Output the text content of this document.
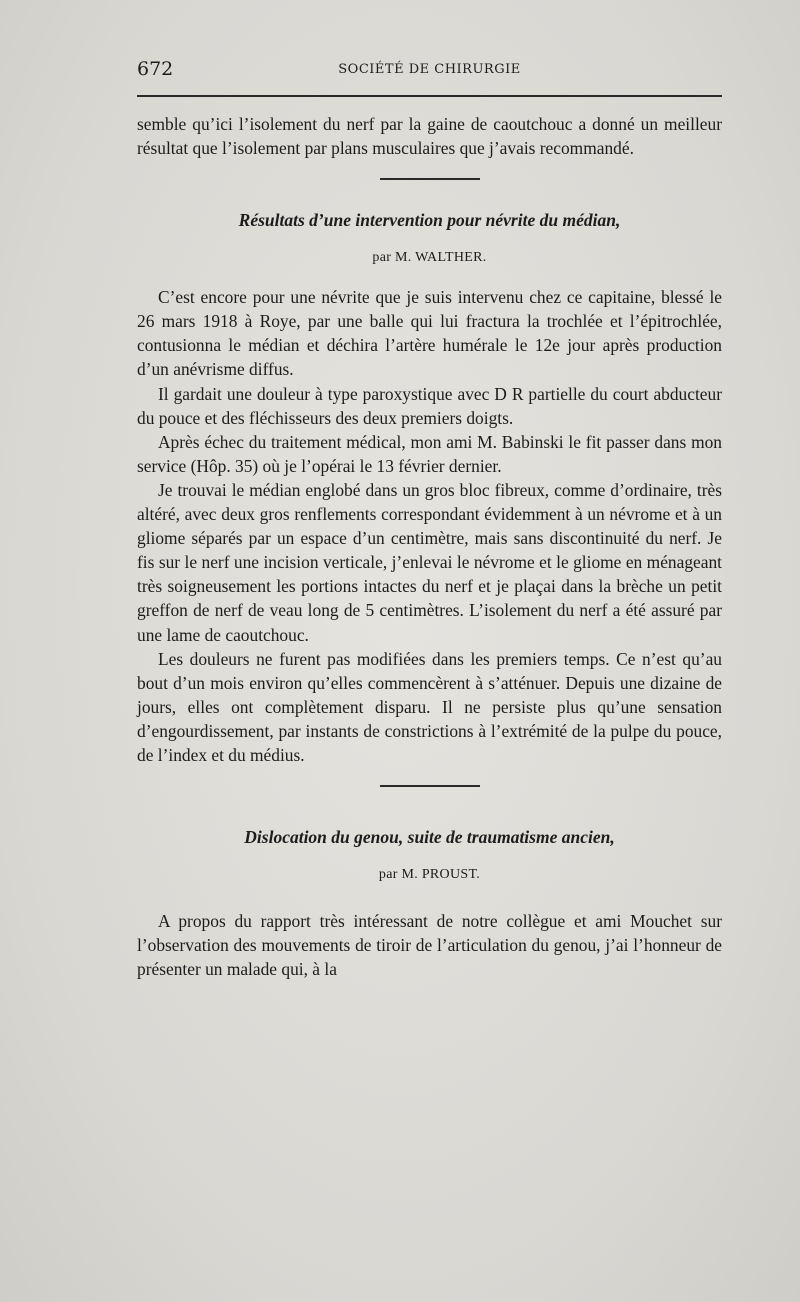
672	SOCIÉTÉ DE CHIRURGIE

semble qu’ici l’isolement du nerf par la gaine de caoutchouc a donné un meilleur résultat que l’isolement par plans musculaires que j’avais recommandé.

Résultats d’une intervention pour névrite du médian,
par M. WALTHER.

C’est encore pour une névrite que je suis intervenu chez ce capitaine, blessé le 26 mars 1918 à Roye, par une balle qui lui fractura la trochlée et l’épitrochlée, contusionna le médian et déchira l’artère humérale le 12e jour après production d’un anévrisme diffus.

Il gardait une douleur à type paroxystique avec D R partielle du court abducteur du pouce et des fléchisseurs des deux premiers doigts.

Après échec du traitement médical, mon ami M. Babinski le fit passer dans mon service (Hôp. 35) où je l’opérai le 13 février dernier.

Je trouvai le médian englobé dans un gros bloc fibreux, comme d’ordinaire, très altéré, avec deux gros renflements correspondant évidemment à un névrome et à un gliome séparés par un espace d’un centimètre, mais sans discontinuité du nerf. Je fis sur le nerf une incision verticale, j’enlevai le névrome et le gliome en ménageant très soigneusement les portions intactes du nerf et je plaçai dans la brèche un petit greffon de nerf de veau long de 5 centimètres. L’isolement du nerf a été assuré par une lame de caoutchouc.

Les douleurs ne furent pas modifiées dans les premiers temps. Ce n’est qu’au bout d’un mois environ qu’elles commencèrent à s’atténuer. Depuis une dizaine de jours, elles ont complètement disparu. Il ne persiste plus qu’une sensation d’engourdissement, par instants de constrictions à l’extrémité de la pulpe du pouce, de l’index et du médius.

Dislocation du genou, suite de traumatisme ancien,
par M. PROUST.

A propos du rapport très intéressant de notre collègue et ami Mouchet sur l’observation des mouvements de tiroir de l’articulation du genou, j’ai l’honneur de présenter un malade qui, à la
